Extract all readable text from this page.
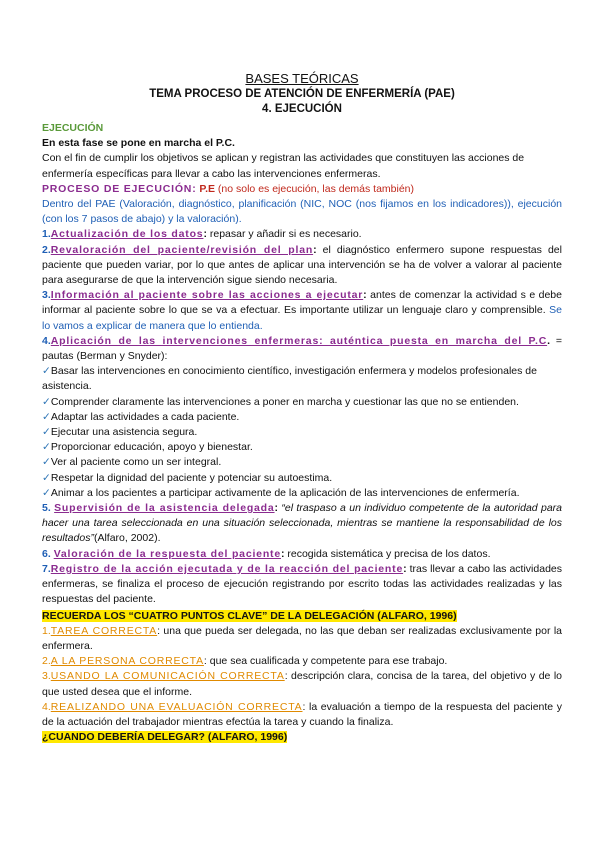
BASES TEÓRICAS

TEMA PROCESO DE ATENCIÓN DE ENFERMERÍA (PAE)

4. EJECUCIÓN

EJECUCIÓN

En esta fase se pone en marcha el P.C.

Con el fin de cumplir los objetivos se aplican y registran las actividades que constituyen las acciones de enfermería específicas para llevar a cabo las intervenciones enfermeras.

PROCESO DE EJECUCIÓN: P.E (no solo es ejecución, las demás también)

Dentro del PAE (Valoración, diagnóstico, planificación (NIC, NOC (nos fijamos en los indicadores)), ejecución (con los 7 pasos de abajo) y la valoración).

1.Actualización de los datos: repasar y añadir si es necesario.

2.Revaloración del paciente/revisión del plan: el diagnóstico enfermero supone respuestas del paciente que pueden variar, por lo que antes de aplicar una intervención se ha de volver a valorar al paciente para asegurarse de que la intervención sigue siendo necesaria.

3.Información al paciente sobre las acciones a ejecutar: antes de comenzar la actividad s e debe informar al paciente sobre lo que se va a efectuar. Es importante utilizar un lenguaje claro y comprensible. Se lo vamos a explicar de manera que lo entienda.

4.Aplicación de las intervenciones enfermeras: auténtica puesta en marcha del P.C. = pautas (Berman y Snyder):

✓Basar las intervenciones en conocimiento científico, investigación enfermera y modelos profesionales de asistencia.

✓Comprender claramente las intervenciones a poner en marcha y cuestionar las que no se entienden.

✓Adaptar las actividades a cada paciente.

✓Ejecutar una asistencia segura.

✓Proporcionar educación, apoyo y bienestar.

✓Ver al paciente como un ser integral.

✓Respetar la dignidad del paciente y potenciar su autoestima.

✓Animar a los pacientes a participar activamente de la aplicación de las intervenciones de enfermería.

5. Supervisión de la asistencia delegada: “el traspaso a un individuo competente de la autoridad para hacer una tarea seleccionada en una situación seleccionada, mientras se mantiene la responsabilidad de los resultados”(Alfaro, 2002).

6. Valoración de la respuesta del paciente: recogida sistemática y precisa de los datos.

7.Registro de la acción ejecutada y de la reacción del paciente: tras llevar a cabo las actividades enfermeras, se finaliza el proceso de ejecución registrando por escrito todas las actividades realizadas y las respuestas del paciente.

RECUERDA LOS “CUATRO PUNTOS CLAVE” DE LA DELEGACIÓN (ALFARO, 1996)

1.TAREA CORRECTA: una que pueda ser delegada, no las que deban ser realizadas exclusivamente por la enfermera.

2.A LA PERSONA CORRECTA: que sea cualificada y competente para ese trabajo.

3.USANDO LA COMUNICACIÓN CORRECTA: descripción clara, concisa de la tarea, del objetivo y de lo que usted desea que el informe.

4.REALIZANDO UNA EVALUACIÓN CORRECTA: la evaluación a tiempo de la respuesta del paciente y de la actuación del trabajador mientras efectúa la tarea y cuando la finaliza.

¿CUANDO DEBERÍA DELEGAR? (ALFARO, 1996)
